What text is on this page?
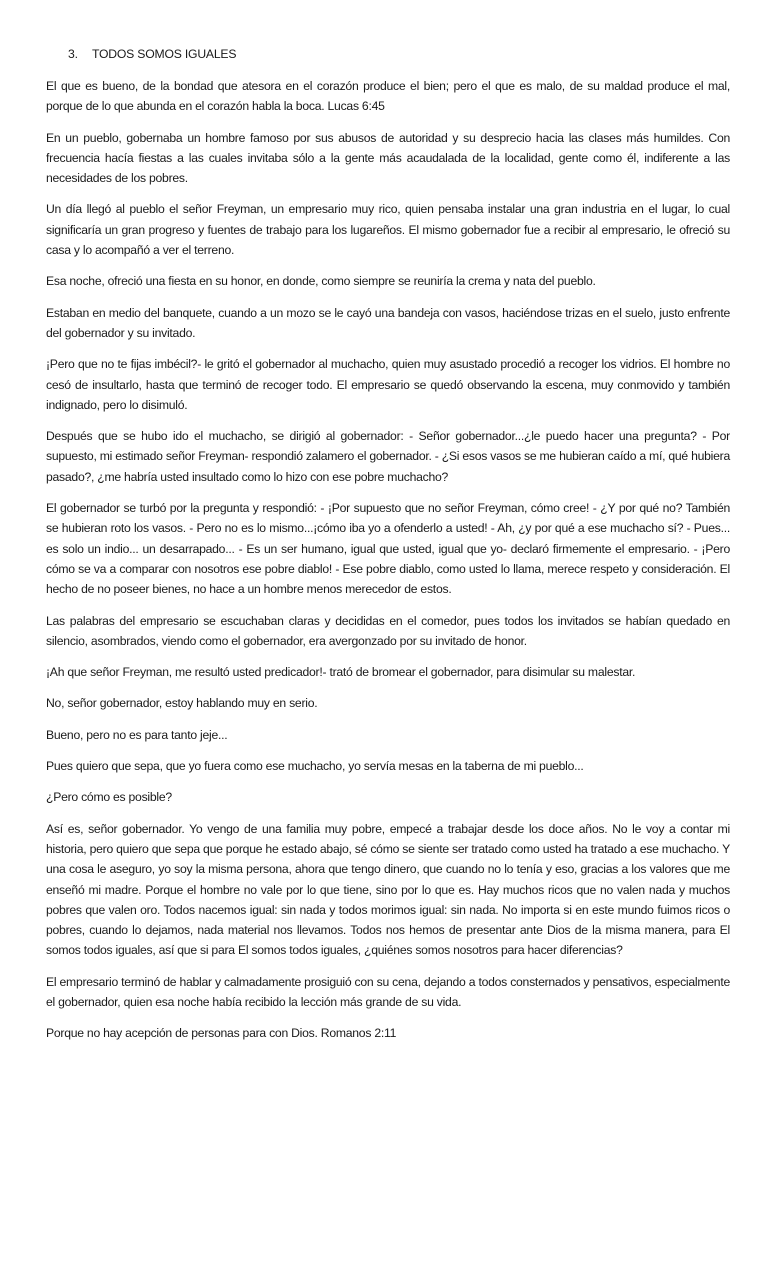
3. TODOS SOMOS IGUALES

El que es bueno, de la bondad que atesora en el corazón produce el bien; pero el que es malo, de su maldad produce el mal, porque de lo que abunda en el corazón habla la boca. Lucas 6:45

En un pueblo, gobernaba un hombre famoso por sus abusos de autoridad y su desprecio hacia las clases más humildes. Con frecuencia hacía fiestas a las cuales invitaba sólo a la gente más acaudalada de la localidad, gente como él, indiferente a las necesidades de los pobres.

Un día llegó al pueblo el señor Freyman, un empresario muy rico, quien pensaba instalar una gran industria en el lugar, lo cual significaría un gran progreso y fuentes de trabajo para los lugareños. El mismo gobernador fue a recibir al empresario, le ofreció su casa y lo acompañó a ver el terreno.

Esa noche, ofreció una fiesta en su honor, en donde, como siempre se reuniría la crema y nata del pueblo.

Estaban en medio del banquete, cuando a un mozo se le cayó una bandeja con vasos, haciéndose trizas en el suelo, justo enfrente del gobernador y su invitado.

¡Pero que no te fijas imbécil?- le gritó el gobernador al muchacho, quien muy asustado procedió a recoger los vidrios. El hombre no cesó de insultarlo, hasta que terminó de recoger todo. El empresario se quedó observando la escena, muy conmovido y también indignado, pero lo disimuló.

Después que se hubo ido el muchacho, se dirigió al gobernador: - Señor gobernador...¿le puedo hacer una pregunta? - Por supuesto, mi estimado señor Freyman- respondió zalamero el gobernador. - ¿Si esos vasos se me hubieran caído a mí, qué hubiera pasado?, ¿me habría usted insultado como lo hizo con ese pobre muchacho?

El gobernador se turbó por la pregunta y respondió: - ¡Por supuesto que no señor Freyman, cómo cree! - ¿Y por qué no? También se hubieran roto los vasos. - Pero no es lo mismo...¡cómo iba yo a ofenderlo a usted! - Ah, ¿y por qué a ese muchacho sí? - Pues... es solo un indio... un desarrapado... - Es un ser humano, igual que usted, igual que yo- declaró firmemente el empresario. - ¡Pero cómo se va a comparar con nosotros ese pobre diablo! - Ese pobre diablo, como usted lo llama, merece respeto y consideración. El hecho de no poseer bienes, no hace a un hombre menos merecedor de estos.

Las palabras del empresario se escuchaban claras y decididas en el comedor, pues todos los invitados se habían quedado en silencio, asombrados, viendo como el gobernador, era avergonzado por su invitado de honor.

¡Ah que señor Freyman, me resultó usted predicador!- trató de bromear el gobernador, para disimular su malestar.

No, señor gobernador, estoy hablando muy en serio.

Bueno, pero no es para tanto jeje...

Pues quiero que sepa, que yo fuera como ese muchacho, yo servía mesas en la taberna de mi pueblo...

¿Pero cómo es posible?

Así es, señor gobernador. Yo vengo de una familia muy pobre, empecé a trabajar desde los doce años. No le voy a contar mi historia, pero quiero que sepa que porque he estado abajo, sé cómo se siente ser tratado como usted ha tratado a ese muchacho. Y una cosa le aseguro, yo soy la misma persona, ahora que tengo dinero, que cuando no lo tenía y eso, gracias a los valores que me enseñó mi madre. Porque el hombre no vale por lo que tiene, sino por lo que es. Hay muchos ricos que no valen nada y muchos pobres que valen oro. Todos nacemos igual: sin nada y todos morimos igual: sin nada. No importa si en este mundo fuimos ricos o pobres, cuando lo dejamos, nada material nos llevamos. Todos nos hemos de presentar ante Dios de la misma manera, para El somos todos iguales, así que si para El somos todos iguales, ¿quiénes somos nosotros para hacer diferencias?

El empresario terminó de hablar y calmadamente prosiguió con su cena, dejando a todos consternados y pensativos, especialmente el gobernador, quien esa noche había recibido la lección más grande de su vida.

Porque no hay acepción de personas para con Dios. Romanos 2:11
